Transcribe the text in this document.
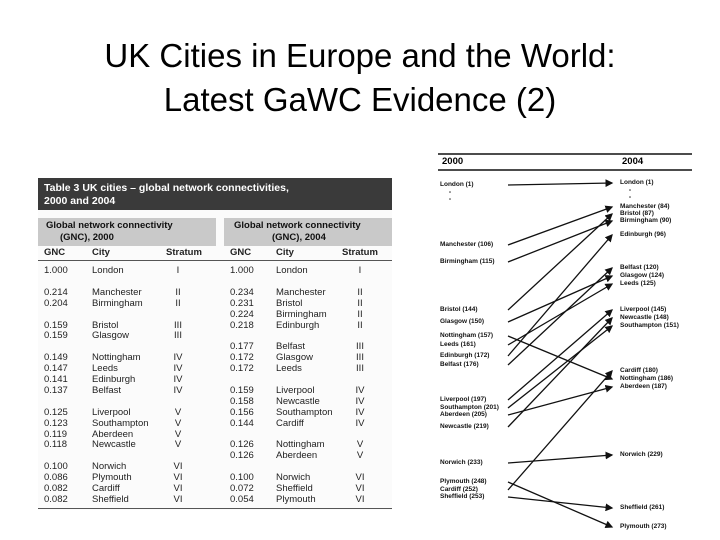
UK Cities in Europe and the World:
Latest GaWC Evidence (2)
Table 3 UK cities – global network connectivities,
2000 and 2004
Global network connectivity
(GNC), 2000
Global network connectivity
(GNC), 2004
GNC	City	Stratum	GNC	City	Stratum
1.000	London	I	1.000 London	I
0.214	Manchester	II	0.234 Manchester	II
0.204	Birmingham	II	0.231 Bristol	II
0.224 Birmingham	II
0.159	Bristol	III	0.218 Edinburgh	II
0.159	Glasgow	III
0.177 Belfast	III
0.149	Nottingham	IV	0.172 Glasgow	III
0.147	Leeds	IV	0.172 Leeds	III
0.141	Edinburgh	IV
0.137	Belfast	IV	0.159 Liverpool	IV
0.158 Newcastle	IV
0.125	Liverpool	V	0.156 Southampton IV
0.123	Southampton	V	0.144 Cardiff	IV
0.119	Aberdeen	V
0.118	Newcastle	V	0.126 Nottingham	V
0.126 Aberdeen	V
0.100	Norwich	VI
0.086	Plymouth	VI	0.100 Norwich	VI
0.082	Cardiff	VI	0.072 Sheffield	VI
0.082	Sheffield	VI	0.054 Plymouth	VI
2000	2004
London (1)
Manchester (106)
Birmingham (115)
Bristol (144)
Glasgow (150)
Nottingham (157)
Leeds (161)
Edinburgh (172)
Belfast (176)
Liverpool (197)
Southampton (201)
Aberdeen (205)
Newcastle (219)
Norwich (233)
Plymouth (248)
Cardiff (252)
Sheffield (253)
London (1)
Manchester (84)
Bristol (87)
Birmingham (90)
Edinburgh (96)
Belfast (120)
Glasgow (124)
Leeds (125)
Liverpool (145)
Newcastle (148)
Southampton (151)
Cardiff (180)
Nottingham (186)
Aberdeen (187)
Norwich (229)
Sheffield (261)
Plymouth (273)
